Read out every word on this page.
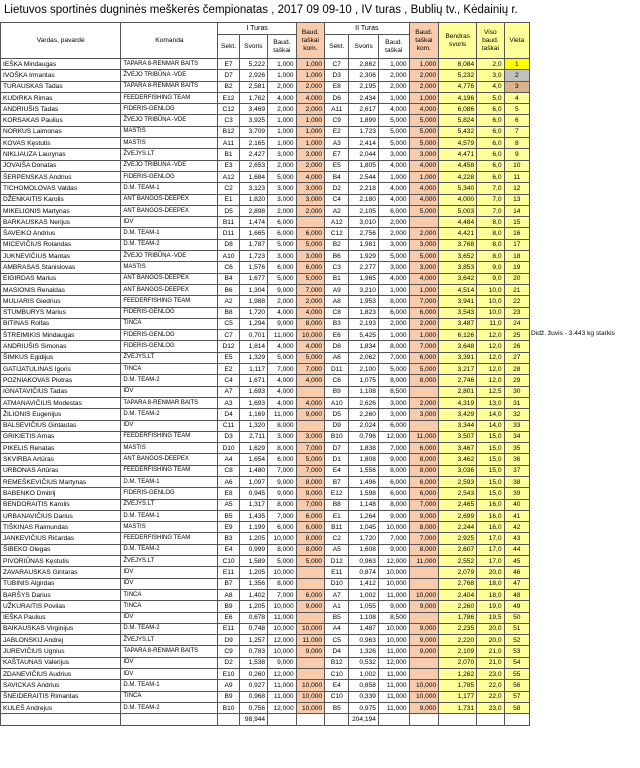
Lietuvos sportinės dugninės meškerės čempionatas , 2017 09 09-10 , IV turas , Bublių tv., Kėdainių r.
Vardas, pavardė	Komanda	I Turas			Baud. taškai kom.	II Turas			Baud. taškai kom.	Bendras svoris	Viso baud. taškai	Vieta
		Sekt.	Svoris	Baud. taškai		Sekt.	Svoris	Baud. taškai				
IEŠKA Mindaugas	TAPARA 8-RENMAR BAITS	E7	5,222	1,000	1,000	C7	2,862	1,000	1,000	8,084	2,0	1
IVOŠKA Irmantas	ŽVEJO TRIBŪNA -VDE	D7	2,926	1,000	1,000	D3	2,306	2,000	2,000	5,232	3,0	2
TURAUSKAS Tadas	TAPARA 8-RENMAR BAITS	B2	2,581	2,000	2,000	E8	2,195	2,000	2,000	4,776	4,0	3
KUDIRKA Rimas	FEEDERFISHING TEAM	E12	1,762	4,000	4,000	D6	2,434	1,000	1,000	4,196	5,0	4
ANDRIUŠIS Tadas	FIDERIS-GENLOG	C12	3,469	2,000	2,000	A11	2,617	4,000	4,000	6,086	6,0	5
KORSAKAS Paulius	ŽVEJO TRIBŪNA -VDE	C3	3,925	1,000	1,000	C9	1,899	5,000	5,000	5,824	6,0	6
NORKUS Laimonas	MASTIS	B12	3,709	1,000	1,000	E2	1,723	5,000	5,000	5,432	6,0	7
KOVAS Kęstutis	MASTIS	A11	2,165	1,000	1,000	A3	2,414	5,000	5,000	4,579	6,0	8
NIKLIAUZA Laurynas	ŽVEJYS.LT	B1	2,427	3,000	3,000	E7	2,044	3,000	3,000	4,471	6,0	9
JOVAIŠA Donatas	ŽVEJO TRIBŪNA -VDE	E3	2,653	2,000	2,000	E5	1,805	4,000	4,000	4,458	6,0	10
ŠERPENSKAS Andrius	FIDERIS-GENLOG	A12	1,684	5,000	4,000	B4	2,544	1,000	1,000	4,228	6,0	11
TICHOMOLOVAS Valdas	D.M. TEAM-1	C2	3,123	3,000	3,000	D2	2,218	4,000	4,000	5,340	7,0	12
DŽENKAITIS Karolis	ANT BANGOS-DEEPEX	E1	1,820	3,000	3,000	C4	2,180	4,000	4,000	4,000	7,0	13
MIKELIONIS Martynas	ANT BANGOS-DEEPEX	D5	2,898	2,000	2,000	A2	2,105	6,000	5,000	5,003	7,0	14
BARKAUSKAS Nerijus	IDV	B11	1,474	6,000		A12	3,010	2,000		4,484	8,0	15
ŠAVEIKO Andrius	D.M. TEAM-1	D11	1,665	6,000	6,000	C12	2,756	2,000	2,000	4,421	8,0	16
MICEVIČIUS Rolandas	D.M. TEAM-2	D8	1,787	5,000	5,000	B2	1,981	3,000	3,000	3,768	8,0	17
JUKNEVIČIUS Mantas	ŽVEJO TRIBŪNA -VDE	A10	1,723	3,000	3,000	B6	1,929	5,000	5,000	3,652	8,0	18
AMBRASAS Stanislovas	MASTIS	C6	1,576	6,000	6,000	C3	2,277	3,000	3,000	3,853	9,0	19
EIGIRDAS Marius	ANT BANGOS-DEEPEX	B4	1,677	5,000	5,000	B1	1,965	4,000	4,000	3,642	9,0	20
MASIONIS Renaldas	ANT BANGOS-DEEPEX	B6	1,304	9,000	7,000	A9	3,210	1,000	1,000	4,514	10,0	21
MULIARIS Giedrius	FEEDERFISHING TEAM	A2	1,988	2,000	2,000	A8	1,953	8,000	7,000	3,941	10,0	22
STUMBURYS Marius	FIDERIS-GENLOG	B8	1,720	4,000	4,000	C8	1,823	6,000	6,000	3,543	10,0	23
BITINAS Rolfas	TINCA	C5	1,294	9,000	8,000	B3	2,193	2,000	2,000	3,487	11,0	24
ŠTREIMIKIS Mindaugas	FIDERIS-GENLOG	C7	0,701	11,000	10,000	E6	5,425	1,000	1,000	6,126	12,0	25
ANDRIUŠIS Simonas	FIDERIS-GENLOG	D12	1,814	4,000	4,000	D8	1,834	8,000	7,000	3,648	12,0	26
ŠIMKUS Egidijus	ŽVEJYS.LT	E5	1,329	5,000	5,000	A6	2,062	7,000	6,000	3,391	12,0	27
GATIJATULINAS Igoris	TINCA	E2	1,117	7,000	7,000	D11	2,100	5,000	5,000	3,217	12,0	28
POZNIAKOVAS Piotras	D.M. TEAM-2	C4	1,671	4,000	4,000	C6	1,075	8,000	8,000	2,746	12,0	29
IGNATAVIČIUS Tadas	IDV	A7	1,693	4,000		B9	1,108	8,500		2,801	12,5	30
ATMANAVIČIUS Modestas	TAPARA 8-RENMAR BAITS	A3	1,693	4,000	4,000	A10	2,626	3,000	2,000	4,319	13,0	31
ŽILIONIS Eugenijus	D.M. TEAM-2	D4	1,169	11,000	9,000	D5	2,260	3,000	3,000	3,429	14,0	32
BALSEVIČIUS Gintautas	IDV	C11	1,320	8,000		D9	2,024	6,000		3,344	14,0	33
GRIKIETIS Arnas	FEEDERFISHING TEAM	D3	2,711	3,000	3,000	B10	0,796	12,000	11,000	3,507	15,0	34
PIKELIS Renatas	MASTIS	D10	1,629	8,000	7,000	D7	1,838	7,000	6,000	3,467	15,0	35
SKVIRBA Artūras	ANT BANGOS-DEEPEX	A4	1,654	6,000	5,000	D1	1,808	9,000	8,000	3,462	15,0	36
URBONAS Artūras	FEEDERFISHING TEAM	C8	1,480	7,000	7,000	E4	1,556	8,000	8,000	3,036	15,0	37
REMEŠKEVIČIUS Martynas	D.M. TEAM-1	A6	1,097	9,000	8,000	B7	1,496	6,000	6,000	2,593	15,0	38
BABENKO Dmitrij	FIDERIS-GENLOG	E8	0,945	9,000	9,000	E12	1,598	6,000	6,000	2,543	15,0	39
BENDORAITIS Karolis	ŽVEJYS.LT	A5	1,317	8,000	7,000	B8	1,148	8,000	7,000	2,465	16,0	40
URBANAVIČIUS Darius	D.M. TEAM-1	B5	1,435	7,000	6,000	E1	1,264	9,000	9,000	2,699	16,0	41
TIŠKINAS Raimundas	MASTIS	E9	1,199	6,000	6,000	B11	1,045	10,000	8,000	2,244	16,0	42
JANKEVIČIUS Ričardas	FEEDERFISHING TEAM	B3	1,205	10,000	8,000	C2	1,720	7,000	7,000	2,925	17,0	43
ŠIBEKO Olegas	D.M. TEAM-2	E4	0,999	8,000	8,000	A5	1,608	9,000	8,000	2,607	17,0	44
PIVORIŪNAS Kęstutis	ŽVEJYS.LT	C10	1,589	5,000	5,000	D12	0,963	12,000	11,000	2,552	17,0	45
ZAVARAUSKAS Gintaras	IDV	E11	1,205	10,000		E11	0,874	10,000		2,079	20,0	46
TUBINIS Algirdas	IDV	B7	1,356	8,000		D10	1,412	10,000		2,768	18,0	47
BARŠYS Darius	TINCA	A8	1,402	7,000	6,000	A7	1,002	11,000	10,000	2,404	18,0	48
UŽKURAITIS Povilas	TINCA	B9	1,205	10,000	9,000	A1	1,055	9,000	9,000	2,260	19,0	49
IEŠKA Paulius	IDV	E6	0,678	11,000		B5	1,108	8,500		1,786	19,5	50
BAIKAUSKAS Virginijus	D.M. TEAM-2	E11	0,748	10,000	10,000	A4	1,487	10,000	9,000	2,235	20,0	51
JABLONSKIJ Andrej	ŽVEJYS.LT	D9	1,257	12,000	11,000	C5	0,963	10,000	9,000	2,220	20,0	52
JUREVIČIUS Ugnius	TAPARA 8-RENMAR BAITS	C9	0,783	10,000	9,000	D4	1,326	11,000	9,000	2,109	21,0	53
KAŠTAUNAS Valerijus	IDV	D2	1,538	9,000		B12	0,532	12,000		2,070	21,0	54
ZDANEVIČIUS Audrius	IDV	E10	0,260	12,000		C10	1,002	11,000		1,262	23,0	55
SAVICKAS Andrius	D.M. TEAM-1	A9	0,927	11,000	10,000	E4	0,858	11,000	10,000	1,785	22,0	56
ŠNEIDERAITIS Rimantas	TINCA	B9	0,968	11,000	10,000	C10	0,339	11,000	10,000	1,177	22,0	57
KULEŠ Andrejus	D.M. TEAM-2	B10	0,756	12,000	10,000	B5	0,975	11,000	9,000	1,731	23,0	58
			98,944				204,194					
Didž. žuvis - 3.443 kg starkis
